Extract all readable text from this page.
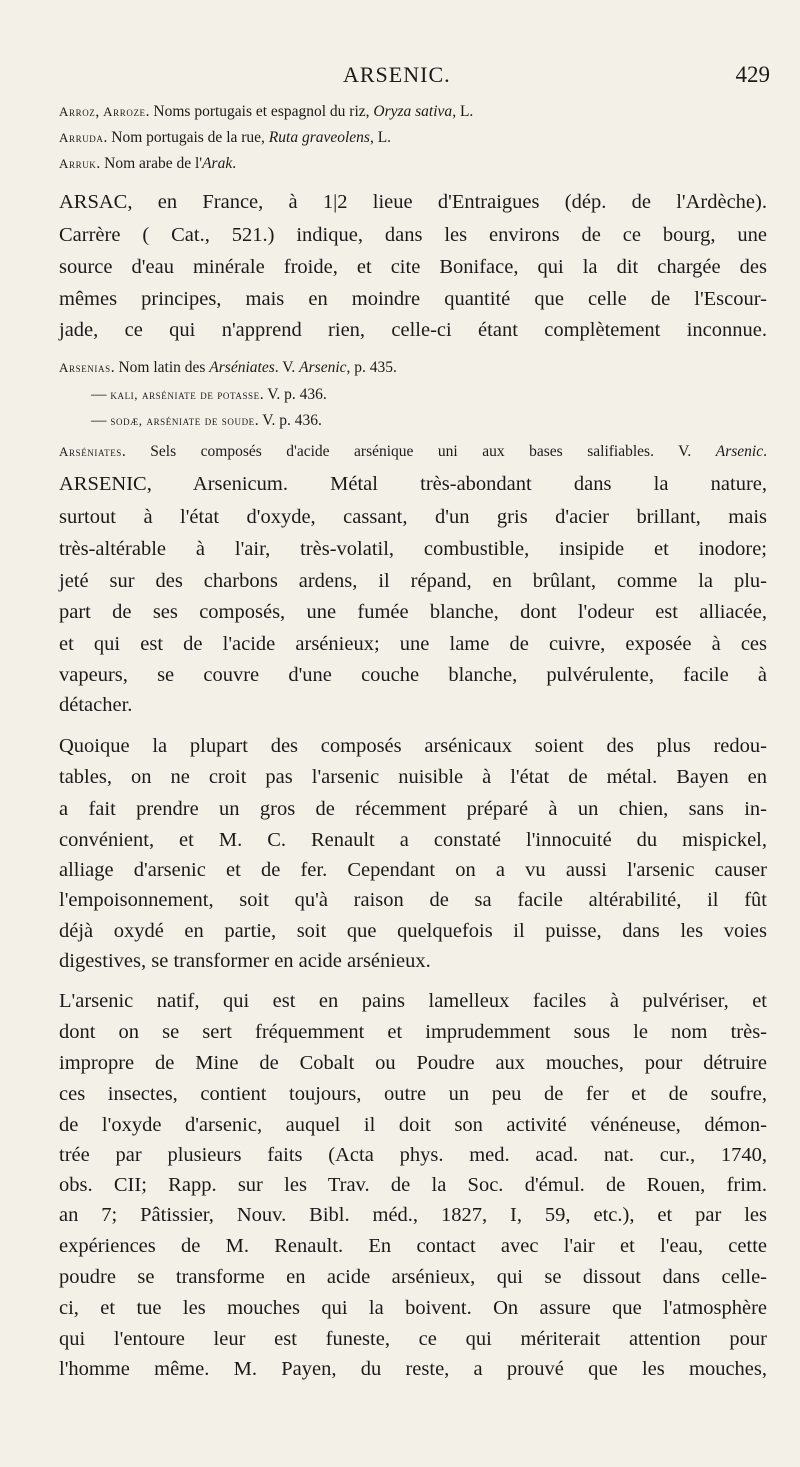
ARSENIC.	429
Arroz, Arroze. Noms portugais et espagnol du riz, Oryza sativa, L.
Arruda. Nom portugais de la rue, Ruta graveolens, L.
Arruk. Nom arabe de l'Arak.
ARSAC, en France, à 1|2 lieue d'Entraigues (dép. de l'Ardèche).
Carrère ( Cat., 521.) indique, dans les environs de ce bourg, une
source d'eau minérale froide, et cite Boniface, qui la dit chargée des
mêmes principes, mais en moindre quantité que celle de l'Escour-
jade, ce qui n'apprend rien, celle-ci étant complètement inconnue.
Arsenias. Nom latin des Arséniates. V. Arsenic, p. 435.
— kali, arséniate de potasse. V. p. 436.
— sodæ, arséniate de soude. V. p. 436.
Arséniates. Sels composés d'acide arsénique uni aux bases salifiables. V. Arsenic.
ARSENIC, Arsenicum. Métal très-abondant dans la nature,
surtout à l'état d'oxyde, cassant, d'un gris d'acier brillant, mais
très-altérable à l'air, très-volatil, combustible, insipide et inodore;
jeté sur des charbons ardens, il répand, en brûlant, comme la plu-
part de ses composés, une fumée blanche, dont l'odeur est alliacée,
et qui est de l'acide arsénieux; une lame de cuivre, exposée à ces
vapeurs, se couvre d'une couche blanche, pulvérulente, facile à
détacher.
Quoique la plupart des composés arsénicaux soient des plus redou-
tables, on ne croit pas l'arsenic nuisible à l'état de métal. Bayen en
a fait prendre un gros de récemment préparé à un chien, sans in-
convénient, et M. C. Renault a constaté l'innocuité du mispickel,
alliage d'arsenic et de fer. Cependant on a vu aussi l'arsenic causer
l'empoisonnement, soit qu'à raison de sa facile altérabilité, il fût
déjà oxydé en partie, soit que quelquefois il puisse, dans les voies
digestives, se transformer en acide arsénieux.
L'arsenic natif, qui est en pains lamelleux faciles à pulvériser, et
dont on se sert fréquemment et imprudemment sous le nom très-
impropre de Mine de Cobalt ou Poudre aux mouches, pour détruire
ces insectes, contient toujours, outre un peu de fer et de soufre,
de l'oxyde d'arsenic, auquel il doit son activité vénéneuse, démon-
trée par plusieurs faits (Acta phys. med. acad. nat. cur., 1740,
obs. CII; Rapp. sur les Trav. de la Soc. d'émul. de Rouen, frim.
an 7; Pâtissier, Nouv. Bibl. méd., 1827, I, 59, etc.), et par les
expériences de M. Renault. En contact avec l'air et l'eau, cette
poudre se transforme en acide arsénieux, qui se dissout dans celle-
ci, et tue les mouches qui la boivent. On assure que l'atmosphère
qui l'entoure leur est funeste, ce qui mériterait attention pour
l'homme même. M. Payen, du reste, a prouvé que les mouches,
